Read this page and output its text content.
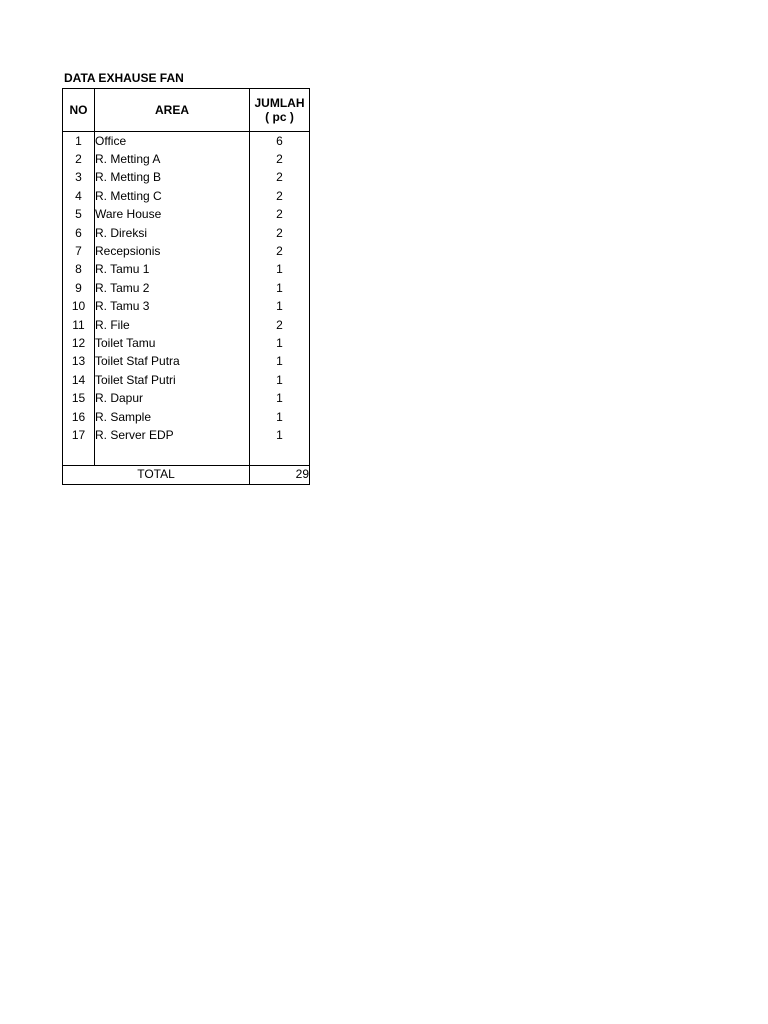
DATA EXHAUSE FAN
NO	AREA	JUMLAH
( pc )

1	Office	6
2	R. Metting A	2
3	R. Metting B	2
4	R. Metting C	2
5	Ware House	2
6	R. Direksi	2
7	Recepsionis	2
8	R. Tamu 1	1
9	R. Tamu 2	1
10	R. Tamu 3	1
11	R. File	2
12	Toilet Tamu	1
13	Toilet Staf Putra	1
14	Toilet Staf Putri	1
15	R. Dapur	1
16	R. Sample	1
17	R. Server EDP	1

TOTAL		29
